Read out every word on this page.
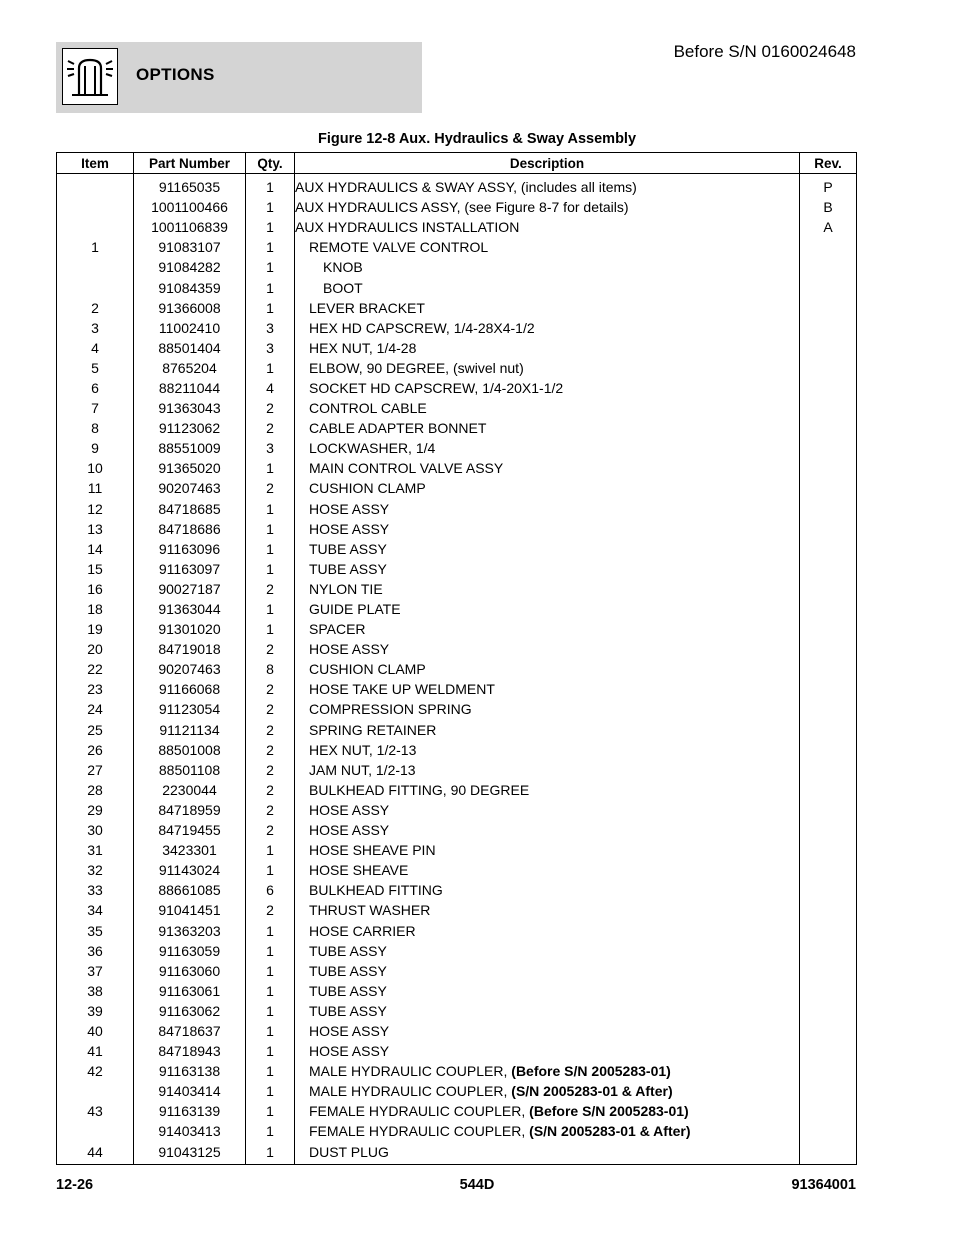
OPTIONS
Before S/N 0160024648
Figure 12-8 Aux. Hydraulics & Sway Assembly
Item	Part Number	Qty.	Description	Rev.
	91165035	1	AUX HYDRAULICS & SWAY ASSY, (includes all items)	P
	1001100466	1	AUX HYDRAULICS ASSY, (see Figure 8-7 for details)	B
	1001106839	1	AUX HYDRAULICS INSTALLATION	A
1	91083107	1	REMOTE VALVE CONTROL	
	91084282	1	KNOB	
	91084359	1	BOOT	
2	91366008	1	LEVER BRACKET	
3	11002410	3	HEX HD CAPSCREW, 1/4-28X4-1/2	
4	88501404	3	HEX NUT, 1/4-28	
5	8765204	1	ELBOW, 90 DEGREE, (swivel nut)	
6	88211044	4	SOCKET HD CAPSCREW, 1/4-20X1-1/2	
7	91363043	2	CONTROL CABLE	
8	91123062	2	CABLE ADAPTER BONNET	
9	88551009	3	LOCKWASHER, 1/4	
10	91365020	1	MAIN CONTROL VALVE ASSY	
11	90207463	2	CUSHION CLAMP	
12	84718685	1	HOSE ASSY	
13	84718686	1	HOSE ASSY	
14	91163096	1	TUBE ASSY	
15	91163097	1	TUBE ASSY	
16	90027187	2	NYLON TIE	
18	91363044	1	GUIDE PLATE	
19	91301020	1	SPACER	
20	84719018	2	HOSE ASSY	
22	90207463	8	CUSHION CLAMP	
23	91166068	2	HOSE TAKE UP WELDMENT	
24	91123054	2	COMPRESSION SPRING	
25	91121134	2	SPRING RETAINER	
26	88501008	2	HEX NUT, 1/2-13	
27	88501108	2	JAM NUT, 1/2-13	
28	2230044	2	BULKHEAD FITTING, 90 DEGREE	
29	84718959	2	HOSE ASSY	
30	84719455	2	HOSE ASSY	
31	3423301	1	HOSE SHEAVE PIN	
32	91143024	1	HOSE SHEAVE	
33	88661085	6	BULKHEAD FITTING	
34	91041451	2	THRUST WASHER	
35	91363203	1	HOSE CARRIER	
36	91163059	1	TUBE ASSY	
37	91163060	1	TUBE ASSY	
38	91163061	1	TUBE ASSY	
39	91163062	1	TUBE ASSY	
40	84718637	1	HOSE ASSY	
41	84718943	1	HOSE ASSY	
42	91163138	1	MALE HYDRAULIC COUPLER, (Before S/N 2005283-01)	
	91403414	1	MALE HYDRAULIC COUPLER, (S/N 2005283-01 & After)	
43	91163139	1	FEMALE HYDRAULIC COUPLER, (Before S/N 2005283-01)	
	91403413	1	FEMALE HYDRAULIC COUPLER, (S/N 2005283-01 & After)	
44	91043125	1	DUST PLUG	
12-26	544D	91364001
